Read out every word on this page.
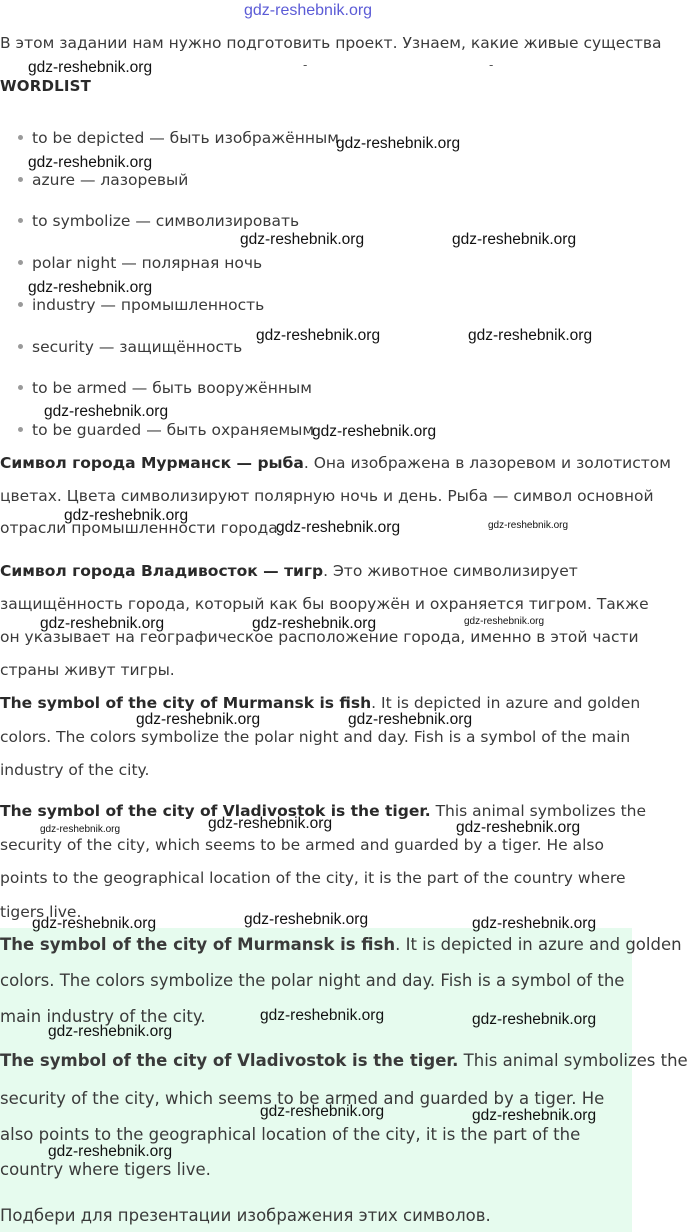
gdz-reshebnik.org
В этом задании нам нужно подготовить проект. Узнаем, какие живые существа
-	-
WORDLIST
to be depicted — быть изображённым
azure — лазоревый
to symbolize — символизировать
polar night — полярная ночь
industry — промышленность
security — защищённость
to be armed — быть вооружённым
to be guarded — быть охраняемым
Символ города Мурманск — рыба. Она изображена в лазоревом и золотистом
цветах. Цвета символизируют полярную ночь и день. Рыба — символ основной
отрасли промышленности города.
Символ города Владивосток — тигр. Это животное символизирует
защищённость города, который как бы вооружён и охраняется тигром. Также
он указывает на географическое расположение города, именно в этой части
страны живут тигры.
The symbol of the city of Murmansk is fish. It is depicted in azure and golden
colors. The colors symbolize the polar night and day. Fish is a symbol of the main
industry of the city.
The symbol of the city of Vladivostok is the tiger. This animal symbolizes the
security of the city, which seems to be armed and guarded by a tiger. He also
points to the geographical location of the city, it is the part of the country where
tigers live.
The symbol of the city of Murmansk is fish. It is depicted in azure and golden
colors. The colors symbolize the polar night and day. Fish is a symbol of the
main industry of the city.
The symbol of the city of Vladivostok is the tiger. This animal symbolizes the
security of the city, which seems to be armed and guarded by a tiger. He
also points to the geographical location of the city, it is the part of the
country where tigers live.
Подбери для презентации изображения этих символов.
gdz-reshebnik.org
gdz-reshebnik.org
gdz-reshebnik.org
gdz-reshebnik.org	gdz-reshebnik.org
gdz-reshebnik.org
gdz-reshebnik.org	gdz-reshebnik.org
gdz-reshebnik.org
gdz-reshebnik.org
gdz-reshebnik.org
gdz-reshebnik.org	gdz-reshebnik.org
gdz-reshebnik.org	gdz-reshebnik.org	gdz-reshebnik.org
gdz-reshebnik.org	gdz-reshebnik.org
gdz-reshebnik.org
gdz-reshebnik.org	gdz-reshebnik.org
gdz-reshebnik.org
gdz-reshebnik.org	gdz-reshebnik.org
gdz-reshebnik.org	gdz-reshebnik.org
gdz-reshebnik.org
gdz-reshebnik.org	gdz-reshebnik.org
gdz-reshebnik.org
